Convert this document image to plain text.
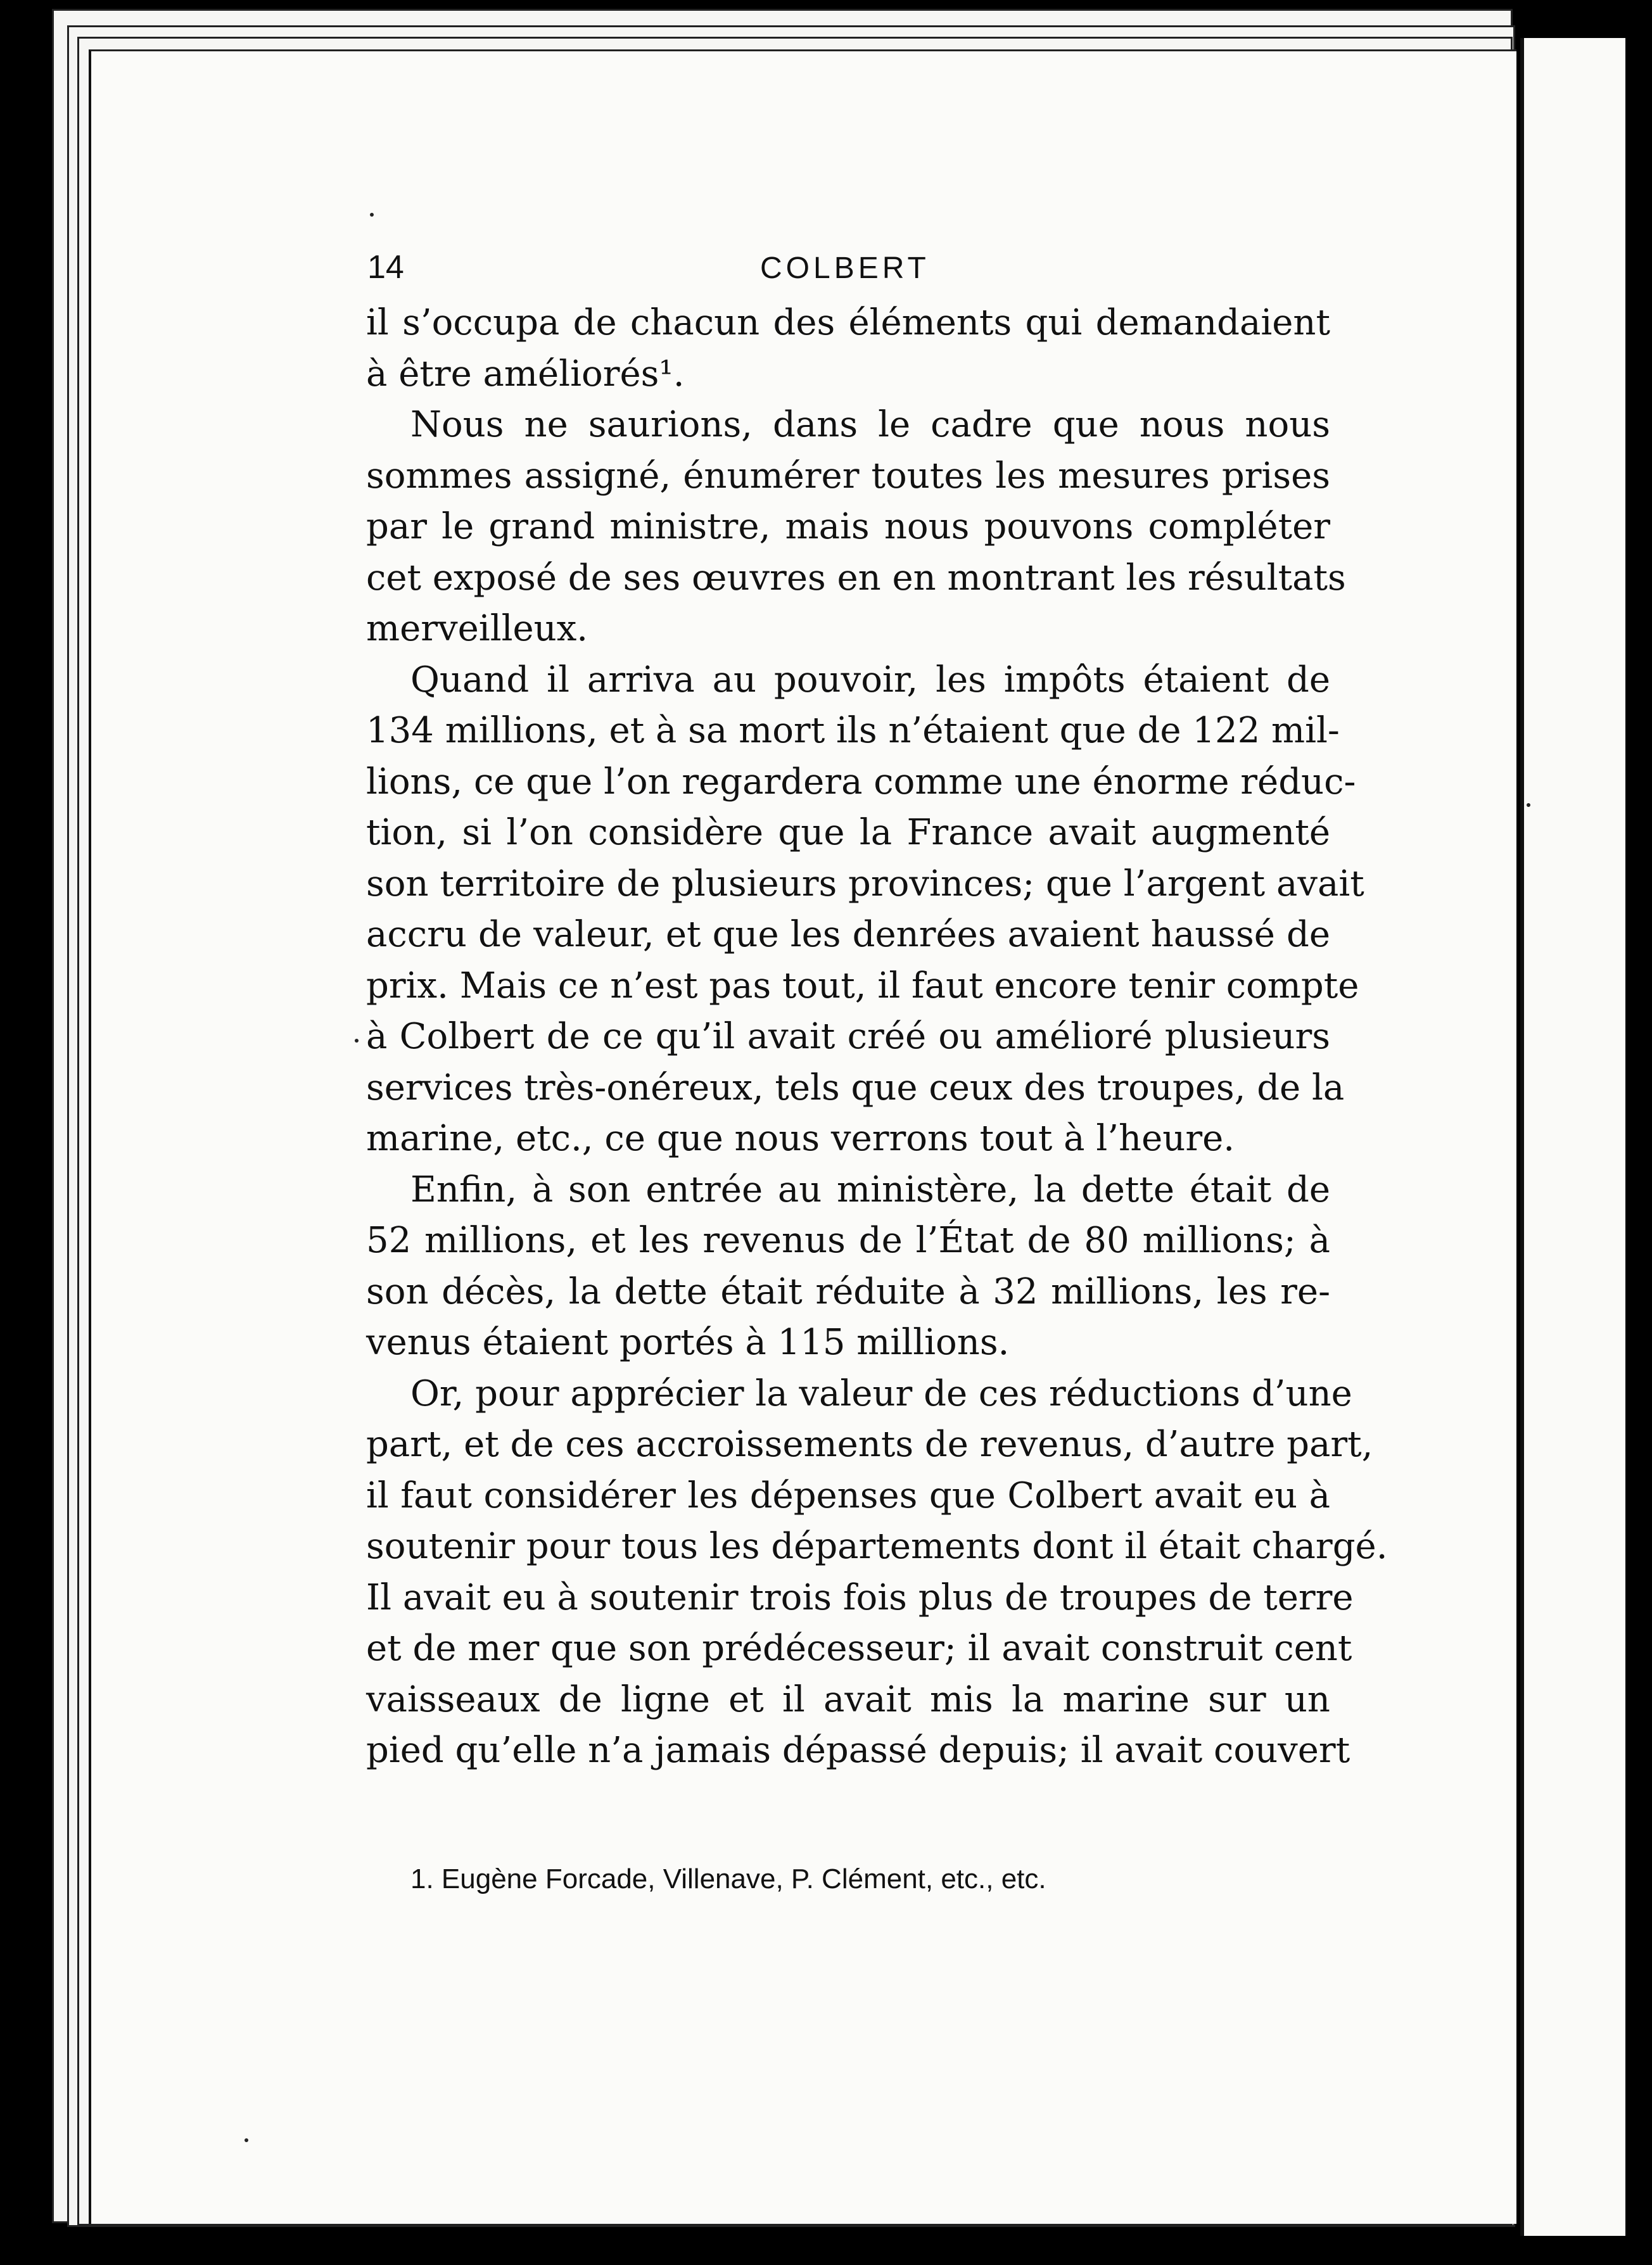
14	COLBERT
il s’occupa de chacun des éléments qui demandaient
à être améliorés¹.
Nous ne saurions, dans le cadre que nous nous
sommes assigné, énumérer toutes les mesures prises
par le grand ministre, mais nous pouvons compléter
cet exposé de ses œuvres en en montrant les résultats
merveilleux.
Quand il arriva au pouvoir, les impôts étaient de
134 millions, et à sa mort ils n’étaient que de 122 mil-
lions, ce que l’on regardera comme une énorme réduc-
tion, si l’on considère que la France avait augmenté
son territoire de plusieurs provinces; que l’argent avait
accru de valeur, et que les denrées avaient haussé de
prix. Mais ce n’est pas tout, il faut encore tenir compte
à Colbert de ce qu’il avait créé ou amélioré plusieurs
services très-onéreux, tels que ceux des troupes, de la
marine, etc., ce que nous verrons tout à l’heure.
Enfin, à son entrée au ministère, la dette était de
52 millions, et les revenus de l’État de 80 millions; à
son décès, la dette était réduite à 32 millions, les re-
venus étaient portés à 115 millions.
Or, pour apprécier la valeur de ces réductions d’une
part, et de ces accroissements de revenus, d’autre part,
il faut considérer les dépenses que Colbert avait eu à
soutenir pour tous les départements dont il était chargé.
Il avait eu à soutenir trois fois plus de troupes de terre
et de mer que son prédécesseur; il avait construit cent
vaisseaux de ligne et il avait mis la marine sur un
pied qu’elle n’a jamais dépassé depuis; il avait couvert
1. Eugène Forcade, Villenave, P. Clément, etc., etc.
